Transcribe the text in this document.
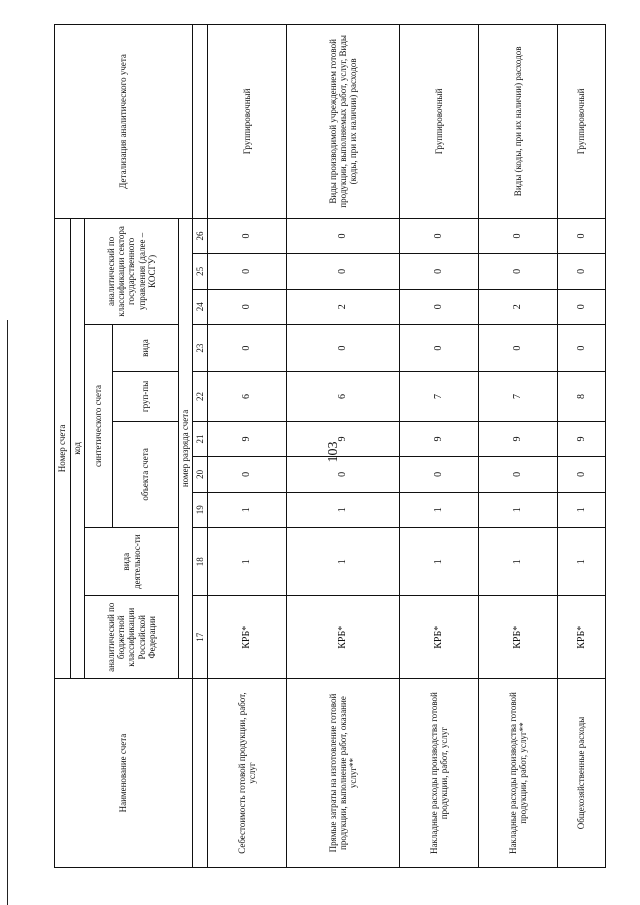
103
Наименование счета	Номер счета										Детализация аналитического учета
	код										
	аналитический по бюджетной классификации Российской Федерации	вида деятельнос-ти	синтетического счета					аналитический по классификации сектора государственного управления (далее – КОСГУ)			
			объекта счета			груп-пы	вида				
	номер разряда счета										
	17	18	19	20	21	22	23	24	25	26	
Себестоимость готовой продукции, работ, услуг	КРБ*	1	1	0	9	6	0	0	0	0	Группировочный
Прямые затраты на изготовление готовой продукции, выполнение работ, оказание услуг**	КРБ*	1	1	0	9	6	0	2	0	0	Виды производимой учреждением готовой продукции, выполняемых работ, услуг, Виды (коды, при их наличии) расходов
Накладные расходы производства готовой продукции, работ, услуг	КРБ*	1	1	0	9	7	0	0	0	0	Группировочный
Накладные расходы производства готовой продукции, работ, услуг**	КРБ*	1	1	0	9	7	0	2	0	0	Виды (коды, при их наличии) расходов
Общехозяйственные расходы	КРБ*	1	1	0	9	8	0	0	0	0	Группировочный
